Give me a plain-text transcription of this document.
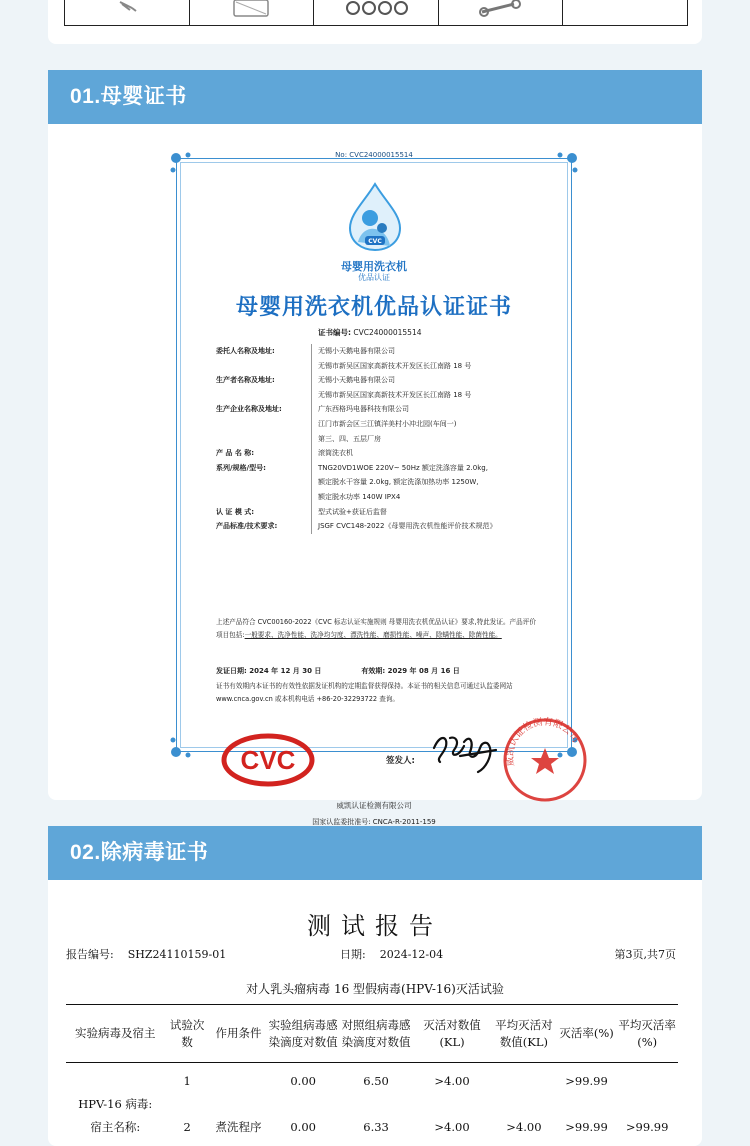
01.母婴证书
No: CVC24000015514
CVC
母婴用洗衣机
优品认证
母婴用洗衣机优品认证证书
证书编号: CVC24000015514
委托人名称及地址:	无锡小天鹅电器有限公司
无锡市新吴区国家高新技术开发区长江南路 18 号
生产者名称及地址:	无锡小天鹅电器有限公司
无锡市新吴区国家高新技术开发区长江南路 18 号
生产企业名称及地址:	广东西格玛电器科技有限公司
江门市新会区三江镇洋美村小冲北园(车间一)
第三、四、五层厂房
产 品 名 称:	滚筒洗衣机
系列/规格/型号:	TNG20VD1WOE 220V~ 50Hz 额定洗涤容量 2.0kg,
额定脱水干容量 2.0kg, 额定洗涤加热功率 1250W,
额定脱水功率 140W IPX4
认 证 模 式:	型式试验+获证后监督
产品标准/技术要求:	JSGF CVC148-2022《母婴用洗衣机性能评价技术规范》
上述产品符合 CVC00160-2022《CVC 标志认证实施规则 母婴用洗衣机优品认证》要求,特此发证。产品评价项目包括:一般要求、洗净性能、洗净均匀度、漂洗性能、磨损性能、噪声、除螨性能、除菌性能。
发证日期: 2024 年 12 月 30 日	有效期: 2029 年 08 月 16 日
证书有效期内本证书的有效性依据发证机构的定期监督获得保持。本证书的相关信息可通过认监委网站 www.cnca.gov.cn 或本机构电话 +86-20-32293722 查询。
CVC	签发人:	威凯认证检测有限公司
威凯认证检测有限公司
国家认监委批准号: CNCA-R-2011-159
02.除病毒证书
测试报告
报告编号: SHZ24110159-01	日期: 2024-12-04	第3页,共7页
对人乳头瘤病毒 16 型假病毒(HPV-16)灭活试验
实验病毒及宿主	试验次数	作用条件	实验组病毒感染滴度对数值	对照组病毒感染滴度对数值	灭活对数值(KL)	平均灭活对数值(KL)	灭活率(%)	平均灭活率(%)
	1		0.00	6.50	>4.00		>99.99	
HPV-16 病毒:								
宿主名称:	2	煮洗程序	0.00	6.33	>4.00	>4.00	>99.99	>99.99
